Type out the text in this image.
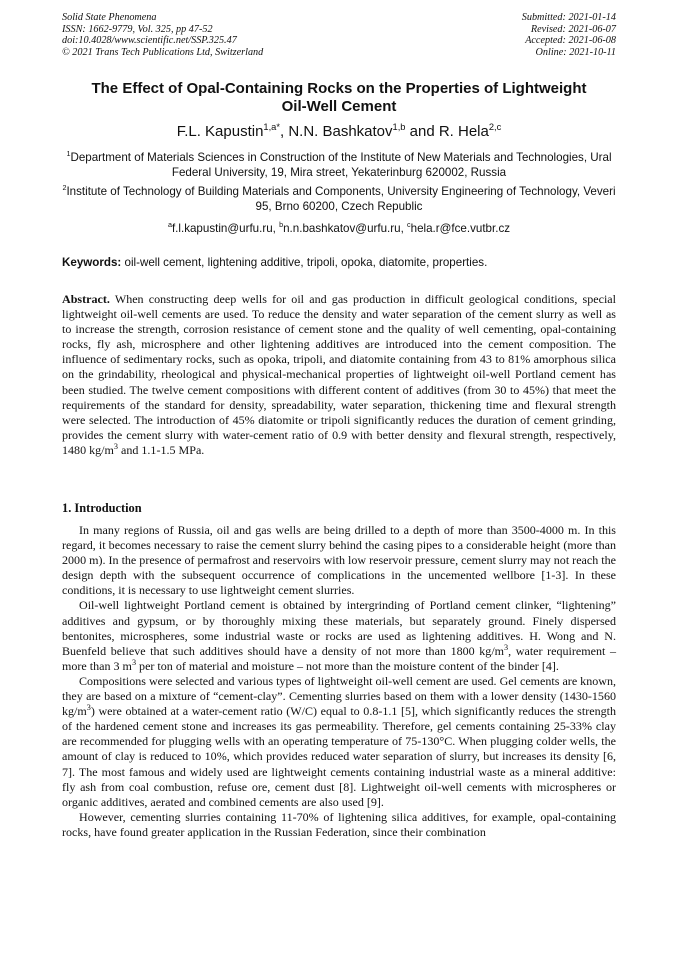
Solid State Phenomena
ISSN: 1662-9779, Vol. 325, pp 47-52
doi:10.4028/www.scientific.net/SSP.325.47
© 2021 Trans Tech Publications Ltd, Switzerland
Submitted: 2021-01-14
Revised: 2021-06-07
Accepted: 2021-06-08
Online: 2021-10-11
The Effect of Opal-Containing Rocks on the Properties of Lightweight
Oil-Well Cement
F.L. Kapustin$^{1,a*}$, N.N. Bashkatov$^{1,b}$ and R. Hela$^{2,c}$
$^1$Department of Materials Sciences in Construction of the Institute of New Materials and Technologies, Ural Federal University, 19, Mira street, Yekaterinburg 620002, Russia
$^2$Institute of Technology of Building Materials and Components, University Engineering of Technology, Veveri 95, Brno 60200, Czech Republic
$^a$f.l.kapustin@urfu.ru, $^b$n.n.bashkatov@urfu.ru, $^c$hela.r@fce.vutbr.cz
Keywords: oil-well cement, lightening additive, tripoli, opoka, diatomite, properties.
Abstract. When constructing deep wells for oil and gas production in difficult geological conditions, special lightweight oil-well cements are used. To reduce the density and water separation of the cement slurry as well as to increase the strength, corrosion resistance of cement stone and the quality of well cementing, opal-containing rocks, fly ash, microsphere and other lightening additives are introduced into the cement composition. The influence of sedimentary rocks, such as opoka, tripoli, and diatomite containing from 43 to 81% amorphous silica on the grindability, rheological and physical-mechanical properties of lightweight oil-well Portland cement has been studied. The twelve cement compositions with different content of additives (from 30 to 45%) that meet the requirements of the standard for density, spreadability, water separation, thickening time and flexural strength were selected. The introduction of 45% diatomite or tripoli significantly reduces the duration of cement grinding, provides the cement slurry with water-cement ratio of 0.9 with better density and flexural strength, respectively, 1480 $kg/m^3$ and 1.1-1.5 MPa.
1. Introduction

In many regions of Russia, oil and gas wells are being drilled to a depth of more than 3500-4000 m. In this regard, it becomes necessary to raise the cement slurry behind the casing pipes to a considerable height (more than 2000 m). In the presence of permafrost and reservoirs with low reservoir pressure, cement slurry may not reach the design depth with the subsequent occurrence of complications in the uncemented wellbore [1-3]. In these conditions, it is necessary to use lightweight cement slurries.

Oil-well lightweight Portland cement is obtained by intergrinding of Portland cement clinker, “lightening” additives and gypsum, or by thoroughly mixing these materials, but separately ground. Finely dispersed bentonites, microspheres, some industrial waste or rocks are used as lightening additives. H. Wong and N. Buenfeld believe that such additives should have a density of not more than 1800 $kg/m^3$, water requirement – more than 3 $m^3$ per ton of material and moisture – not more than the moisture content of the binder [4].

Compositions were selected and various types of lightweight oil-well cement are used. Gel cements are known, they are based on a mixture of “cement-clay”. Cementing slurries based on them with a lower density (1430-1560 $kg/m^3$) were obtained at a water-cement ratio (W/C) equal to 0.8-1.1 [5], which significantly reduces the strength of the hardened cement stone and increases its gas permeability. Therefore, gel cements containing 25-33% clay are recommended for plugging wells with an operating temperature of 75-130°C. When plugging colder wells, the amount of clay is reduced to 10%, which provides reduced water separation of slurry, but increases its density [6, 7]. The most famous and widely used are lightweight cements containing industrial waste as a mineral additive: fly ash from coal combustion, refuse ore, cement dust [8]. Lightweight oil-well cements with microspheres or organic additives, aerated and combined cements are also used [9].

However, cementing slurries containing 11-70% of lightening silica additives, for example, opal-containing rocks, have found greater application in the Russian Federation, since their combination
